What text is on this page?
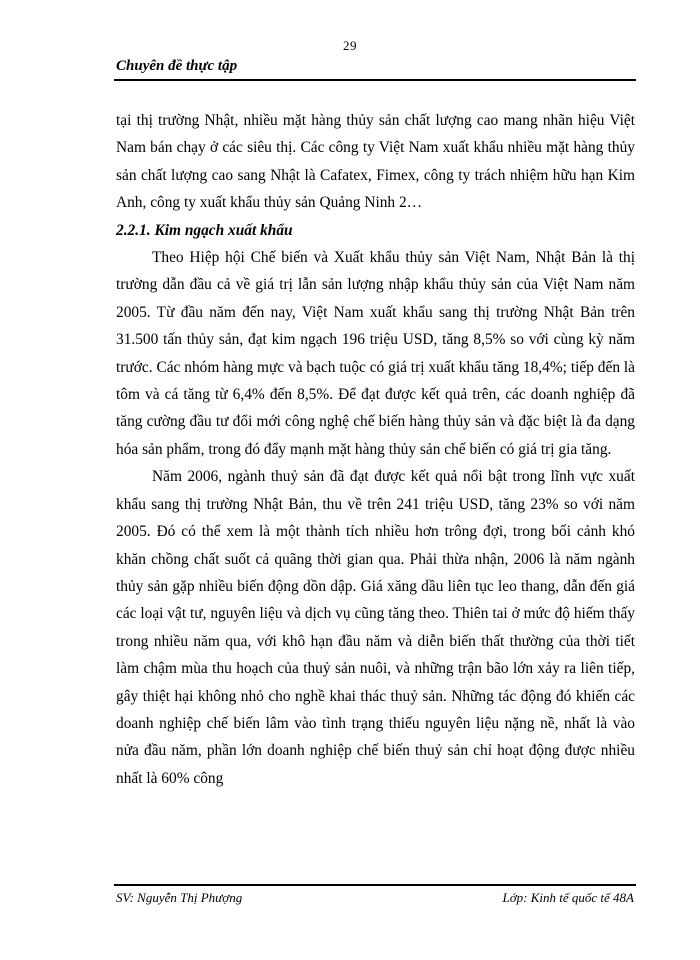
29
Chuyên đề thực tập

tại thị trường Nhật, nhiều mặt hàng thủy sản chất lượng cao mang nhãn hiệu Việt Nam bán chạy ở các siêu thị. Các công ty Việt Nam xuất khẩu nhiều mặt hàng thủy sản chất lượng cao sang Nhật là Cafatex, Fimex, công ty trách nhiệm hữu hạn Kim Anh, công ty xuất khẩu thủy sản Quảng Ninh 2…

2.2.1. Kim ngạch xuất khẩu

Theo Hiệp hội Chế biến và Xuất khẩu thủy sản Việt Nam, Nhật Bản là thị trường dẫn đầu cả về giá trị lẫn sản lượng nhập khẩu thủy sản của Việt Nam năm 2005. Từ đầu năm đến nay, Việt Nam xuất khẩu sang thị trường Nhật Bản trên 31.500 tấn thủy sản, đạt kim ngạch 196 triệu USD, tăng 8,5% so với cùng kỳ năm trước. Các nhóm hàng mực và bạch tuộc có giá trị xuất khẩu tăng 18,4%; tiếp đến là tôm và cá tăng từ 6,4% đến 8,5%. Để đạt được kết quả trên, các doanh nghiệp đã tăng cường đầu tư đổi mới công nghệ chế biến hàng thủy sản và đặc biệt là đa dạng hóa sản phẩm, trong đó đẩy mạnh mặt hàng thủy sản chế biến có giá trị gia tăng.

Năm 2006, ngành thuỷ sản đã đạt được kết quả nổi bật trong lĩnh vực xuất khẩu sang thị trường Nhật Bản, thu về trên 241 triệu USD, tăng 23% so với năm 2005. Đó có thể xem là một thành tích nhiều hơn trông đợi, trong bối cảnh khó khăn chồng chất suốt cả quãng thời gian qua. Phải thừa nhận, 2006 là năm ngành thủy sản gặp nhiều biến động dồn dập. Giá xăng dầu liên tục leo thang, dẫn đến giá các loại vật tư, nguyên liệu và dịch vụ cũng tăng theo. Thiên tai ở mức độ hiếm thấy trong nhiều năm qua, với khô hạn đầu năm và diễn biến thất thường của thời tiết làm chậm mùa thu hoạch của thuỷ sản nuôi, và những trận bão lớn xảy ra liên tiếp, gây thiệt hại không nhỏ cho nghề khai thác thuỷ sản. Những tác động đó khiến các doanh nghiệp chế biến lâm vào tình trạng thiếu nguyên liệu nặng nề, nhất là vào nửa đầu năm, phần lớn doanh nghiệp chế biến thuỷ sản chỉ hoạt động được nhiều nhất là 60% công

SV: Nguyễn Thị Phượng	Lớp: Kinh tế quốc tế 48A
